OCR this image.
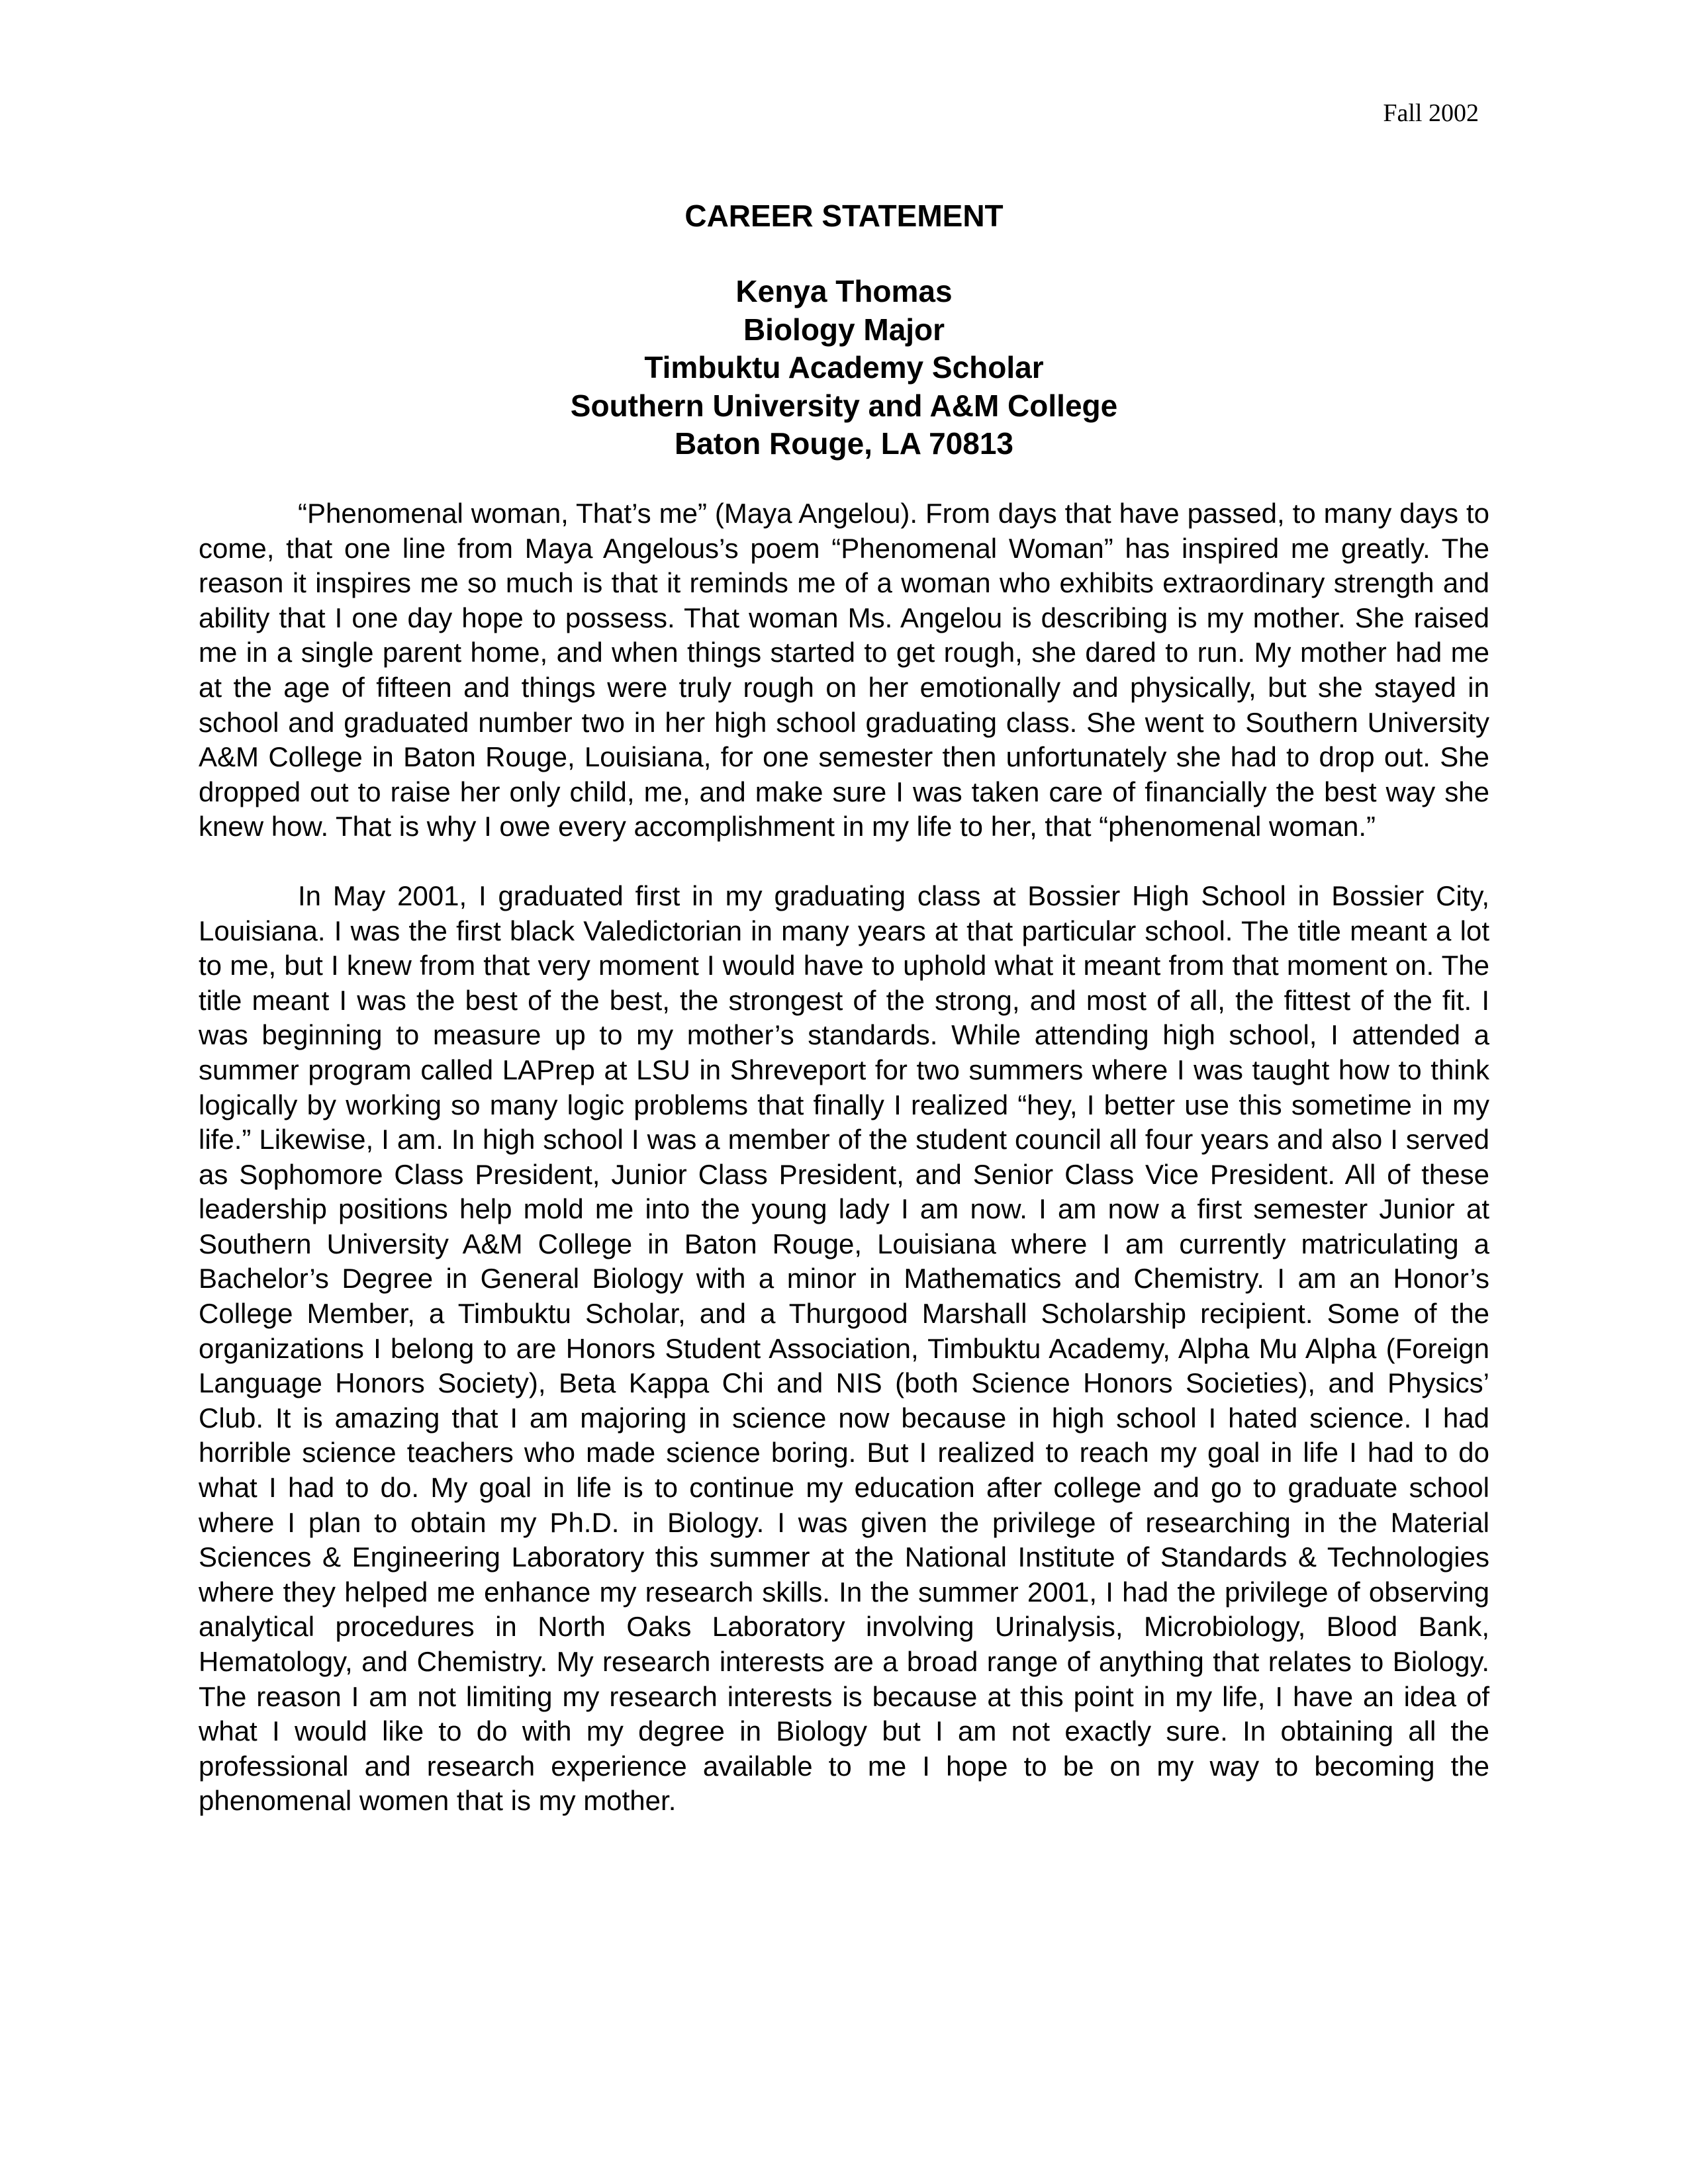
Fall 2002
CAREER STATEMENT
Kenya Thomas
Biology Major
Timbuktu Academy Scholar
Southern University and A&M College
Baton Rouge, LA 70813

“Phenomenal woman, That’s me” (Maya Angelou). From days that have passed, to many days to come, that one line from Maya Angelous’s poem “Phenomenal Woman” has inspired me greatly. The reason it inspires me so much is that it reminds me of a woman who exhibits extraordinary strength and ability that I one day hope to possess. That woman Ms. Angelou is describing is my mother. She raised me in a single parent home, and when things started to get rough, she dared to run. My mother had me at the age of fifteen and things were truly rough on her emotionally and physically, but she stayed in school and graduated number two in her high school graduating class. She went to Southern University A&M College in Baton Rouge, Louisiana, for one semester then unfortunately she had to drop out. She dropped out to raise her only child, me, and make sure I was taken care of financially the best way she knew how. That is why I owe every accomplishment in my life to her, that “phenomenal woman.”

In May 2001, I graduated first in my graduating class at Bossier High School in Bossier City, Louisiana. I was the first black Valedictorian in many years at that particular school. The title meant a lot to me, but I knew from that very moment I would have to uphold what it meant from that moment on. The title meant I was the best of the best, the strongest of the strong, and most of all, the fittest of the fit. I was beginning to measure up to my mother’s standards. While attending high school, I attended a summer program called LAPrep at LSU in Shreveport for two summers where I was taught how to think logically by working so many logic problems that finally I realized “hey, I better use this sometime in my life.” Likewise, I am. In high school I was a member of the student council all four years and also I served as Sophomore Class President, Junior Class President, and Senior Class Vice President. All of these leadership positions help mold me into the young lady I am now. I am now a first semester Junior at Southern University A&M College in Baton Rouge, Louisiana where I am currently matriculating a Bachelor’s Degree in General Biology with a minor in Mathematics and Chemistry. I am an Honor’s College Member, a Timbuktu Scholar, and a Thurgood Marshall Scholarship recipient. Some of the organizations I belong to are Honors Student Association, Timbuktu Academy, Alpha Mu Alpha (Foreign Language Honors Society), Beta Kappa Chi and NIS (both Science Honors Societies), and Physics’ Club. It is amazing that I am majoring in science now because in high school I hated science. I had horrible science teachers who made science boring. But I realized to reach my goal in life I had to do what I had to do. My goal in life is to continue my education after college and go to graduate school where I plan to obtain my Ph.D. in Biology. I was given the privilege of researching in the Material Sciences & Engineering Laboratory this summer at the National Institute of Standards & Technologies where they helped me enhance my research skills. In the summer 2001, I had the privilege of observing analytical procedures in North Oaks Laboratory involving Urinalysis, Microbiology, Blood Bank, Hematology, and Chemistry. My research interests are a broad range of anything that relates to Biology. The reason I am not limiting my research interests is because at this point in my life, I have an idea of what I would like to do with my degree in Biology but I am not exactly sure. In obtaining all the professional and research experience available to me I hope to be on my way to becoming the phenomenal women that is my mother.
